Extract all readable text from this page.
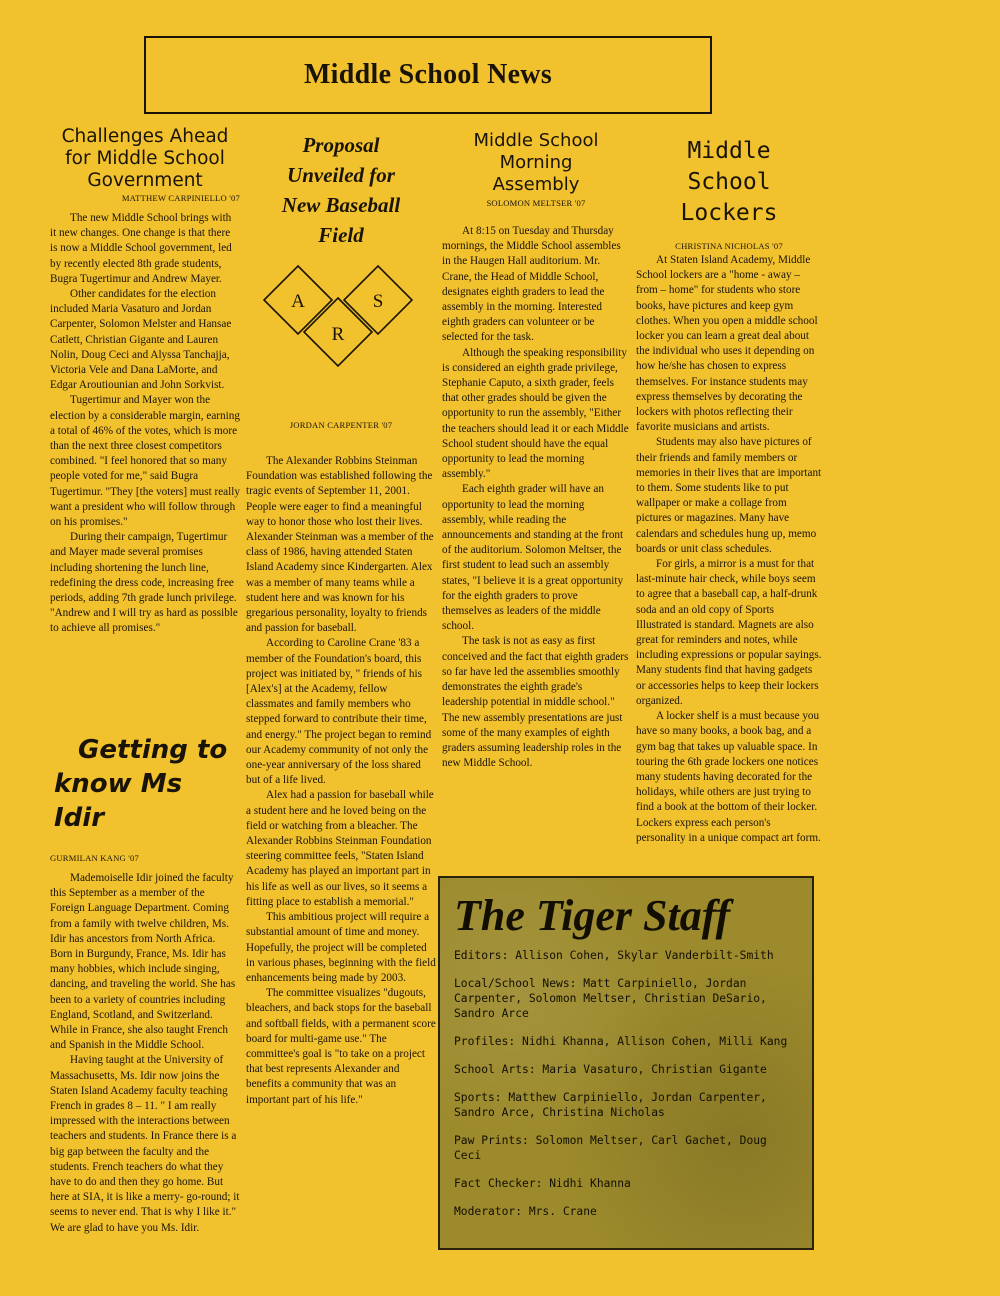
Middle School News
Challenges Ahead
for Middle School
Government
MATTHEW CARPINIELLO '07

The new Middle School brings with it new changes. One change is that there is now a Middle School government, led by recently elected 8th grade students, Bugra Tugertimur and Andrew Mayer.

Other candidates for the election included Maria Vasaturo and Jordan Carpenter, Solomon Melster and Hansae Catlett, Christian Gigante and Lauren Nolin, Doug Ceci and Alyssa Tanchajja, Victoria Vele and Dana LaMorte, and Edgar Aroutiounian and John Sorkvist.

Tugertimur and Mayer won the election by a considerable margin, earning a total of 46% of the votes, which is more than the next three closest competitors combined. "I feel honored that so many people voted for me," said Bugra Tugertimur. "They [the voters] must really want a president who will follow through on his promises."

During their campaign, Tugertimur and Mayer made several promises including shortening the lunch line, redefining the dress code, increasing free periods, adding 7th grade lunch privilege. "Andrew and I will try as hard as possible to achieve all promises."

Getting to
know Ms Idir
GURMILAN KANG '07

Mademoiselle Idir joined the faculty this September as a member of the Foreign Language Department. Coming from a family with twelve children, Ms. Idir has ancestors from North Africa. Born in Burgundy, France, Ms. Idir has many hobbies, which include singing, dancing, and traveling the world. She has been to a variety of countries including England, Scotland, and Switzerland. While in France, she also taught French and Spanish in the Middle School.

Having taught at the University of Massachusetts, Ms. Idir now joins the Staten Island Academy faculty teaching French in grades 8 – 11. " I am really impressed with the interactions between teachers and students. In France there is a big gap between the faculty and the students. French teachers do what they have to do and then they go home. But here at SIA, it is like a merry- go-round; it seems to never end. That is why I like it." We are glad to have you Ms. Idir.

Proposal
Unveiled for
New Baseball
Field
A	S
R
JORDAN CARPENTER '07

The Alexander Robbins Steinman Foundation was established following the tragic events of September 11, 2001. People were eager to find a meaningful way to honor those who lost their lives. Alexander Steinman was a member of the class of 1986, having attended Staten Island Academy since Kindergarten. Alex was a member of many teams while a student here and was known for his gregarious personality, loyalty to friends and passion for baseball.

According to Caroline Crane '83 a member of the Foundation's board, this project was initiated by, " friends of his [Alex's] at the Academy, fellow classmates and family members who stepped forward to contribute their time, and energy." The project began to remind our Academy community of not only the one-year anniversary of the loss shared but of a life lived.

Alex had a passion for baseball while a student here and he loved being on the field or watching from a bleacher. The Alexander Robbins Steinman Foundation steering committee feels, "Staten Island Academy has played an important part in his life as well as our lives, so it seems a fitting place to establish a memorial."

This ambitious project will require a substantial amount of time and money. Hopefully, the project will be completed in various phases, beginning with the field enhancements being made by 2003.

The committee visualizes "dugouts, bleachers, and back stops for the baseball and softball fields, with a permanent score board for multi-game use." The committee's goal is "to take on a project that best represents Alexander and benefits a community that was an important part of his life."

Middle School
Morning
Assembly
SOLOMON MELTSER '07

At 8:15 on Tuesday and Thursday mornings, the Middle School assembles in the Haugen Hall auditorium. Mr. Crane, the Head of Middle School, designates eighth graders to lead the assembly in the morning. Interested eighth graders can volunteer or be selected for the task.

Although the speaking responsibility is considered an eighth grade privilege, Stephanie Caputo, a sixth grader, feels that other grades should be given the opportunity to run the assembly, "Either the teachers should lead it or each Middle School student should have the equal opportunity to lead the morning assembly."

Each eighth grader will have an opportunity to lead the morning assembly, while reading the announcements and standing at the front of the auditorium. Solomon Meltser, the first student to lead such an assembly states, "I believe it is a great opportunity for the eighth graders to prove themselves as leaders of the middle school.

The task is not as easy as first conceived and the fact that eighth graders so far have led the assemblies smoothly demonstrates the eighth grade's leadership potential in middle school." The new assembly presentations are just some of the many examples of eighth graders assuming leadership roles in the new Middle School.

Middle
School
Lockers
CHRISTINA NICHOLAS '07

At Staten Island Academy, Middle School lockers are a "home - away – from – home" for students who store books, have pictures and keep gym clothes. When you open a middle school locker you can learn a great deal about the individual who uses it depending on how he/she has chosen to express themselves. For instance students may express themselves by decorating the lockers with photos reflecting their favorite musicians and artists.

Students may also have pictures of their friends and family members or memories in their lives that are important to them. Some students like to put wallpaper or make a collage from pictures or magazines. Many have calendars and schedules hung up, memo boards or unit class schedules.

For girls, a mirror is a must for that last-minute hair check, while boys seem to agree that a baseball cap, a half-drunk soda and an old copy of Sports Illustrated is standard. Magnets are also great for reminders and notes, while including expressions or popular sayings. Many students find that having gadgets or accessories helps to keep their lockers organized.

A locker shelf is a must because you have so many books, a book bag, and a gym bag that takes up valuable space. In touring the 6th grade lockers one notices many students having decorated for the holidays, while others are just trying to find a book at the bottom of their locker. Lockers express each person's personality in a unique compact art form.

The Tiger Staff
Editors: Allison Cohen, Skylar Vanderbilt-Smith
Local/School News: Matt Carpiniello, Jordan Carpenter, Solomon Meltser, Christian DeSario, Sandro Arce
Profiles: Nidhi Khanna, Allison Cohen, Milli Kang
School Arts: Maria Vasaturo, Christian Gigante
Sports: Matthew Carpiniello, Jordan Carpenter, Sandro Arce, Christina Nicholas
Paw Prints: Solomon Meltser, Carl Gachet, Doug Ceci
Fact Checker: Nidhi Khanna
Moderator: Mrs. Crane
